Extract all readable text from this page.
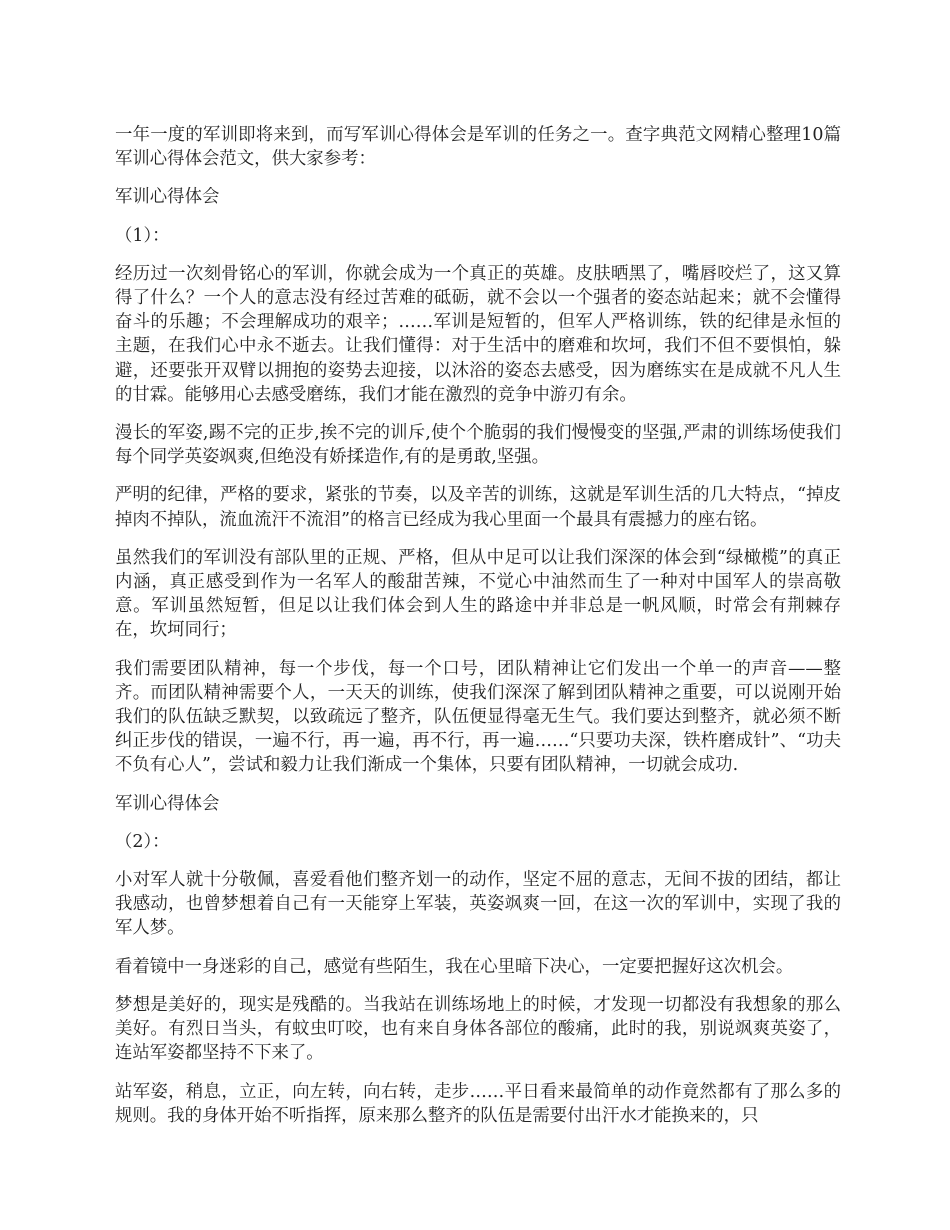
一年一度的军训即将来到，而写军训心得体会是军训的任务之一。查字典范文网精心整理10篇军训心得体会范文，供大家参考：

军训心得体会

（1）：

经历过一次刻骨铭心的军训，你就会成为一个真正的英雄。皮肤晒黑了，嘴唇咬烂了，这又算得了什么？一个人的意志没有经过苦难的砥砺，就不会以一个强者的姿态站起来；就不会懂得奋斗的乐趣；不会理解成功的艰辛；……军训是短暂的，但军人严格训练，铁的纪律是永恒的主题，在我们心中永不逝去。让我们懂得：对于生活中的磨难和坎坷，我们不但不要惧怕，躲避，还要张开双臂以拥抱的姿势去迎接，以沐浴的姿态去感受，因为磨练实在是成就不凡人生的甘霖。能够用心去感受磨练，我们才能在激烈的竞争中游刃有余。

漫长的军姿,踢不完的正步,挨不完的训斥,使个个脆弱的我们慢慢变的坚强,严肃的训练场使我们每个同学英姿飒爽,但绝没有娇揉造作,有的是勇敢,坚强。

严明的纪律，严格的要求，紧张的节奏，以及辛苦的训练，这就是军训生活的几大特点，“掉皮掉肉不掉队，流血流汗不流泪”的格言已经成为我心里面一个最具有震撼力的座右铭。

虽然我们的军训没有部队里的正规、严格，但从中足可以让我们深深的体会到“绿橄榄”的真正内涵，真正感受到作为一名军人的酸甜苦辣，不觉心中油然而生了一种对中国军人的崇高敬意。军训虽然短暂，但足以让我们体会到人生的路途中并非总是一帆风顺，时常会有荆棘存在，坎坷同行；

我们需要团队精神，每一个步伐，每一个口号，团队精神让它们发出一个单一的声音——整齐。而团队精神需要个人，一天天的训练，使我们深深了解到团队精神之重要，可以说刚开始我们的队伍缺乏默契，以致疏远了整齐，队伍便显得毫无生气。我们要达到整齐，就必须不断纠正步伐的错误，一遍不行，再一遍，再不行，再一遍……“只要功夫深，铁杵磨成针”、“功夫不负有心人”，尝试和毅力让我们渐成一个集体，只要有团队精神，一切就会成功.

军训心得体会

（2）：

小对军人就十分敬佩，喜爱看他们整齐划一的动作，坚定不屈的意志，无间不拔的团结，都让我感动，也曾梦想着自己有一天能穿上军装，英姿飒爽一回，在这一次的军训中，实现了我的军人梦。

看着镜中一身迷彩的自己，感觉有些陌生，我在心里暗下决心，一定要把握好这次机会。

梦想是美好的，现实是残酷的。当我站在训练场地上的时候，才发现一切都没有我想象的那么美好。有烈日当头，有蚊虫叮咬，也有来自身体各部位的酸痛，此时的我，别说飒爽英姿了，连站军姿都坚持不下来了。

站军姿，稍息，立正，向左转，向右转，走步……平日看来最简单的动作竟然都有了那么多的规则。我的身体开始不听指挥，原来那么整齐的队伍是需要付出汗水才能换来的，只
